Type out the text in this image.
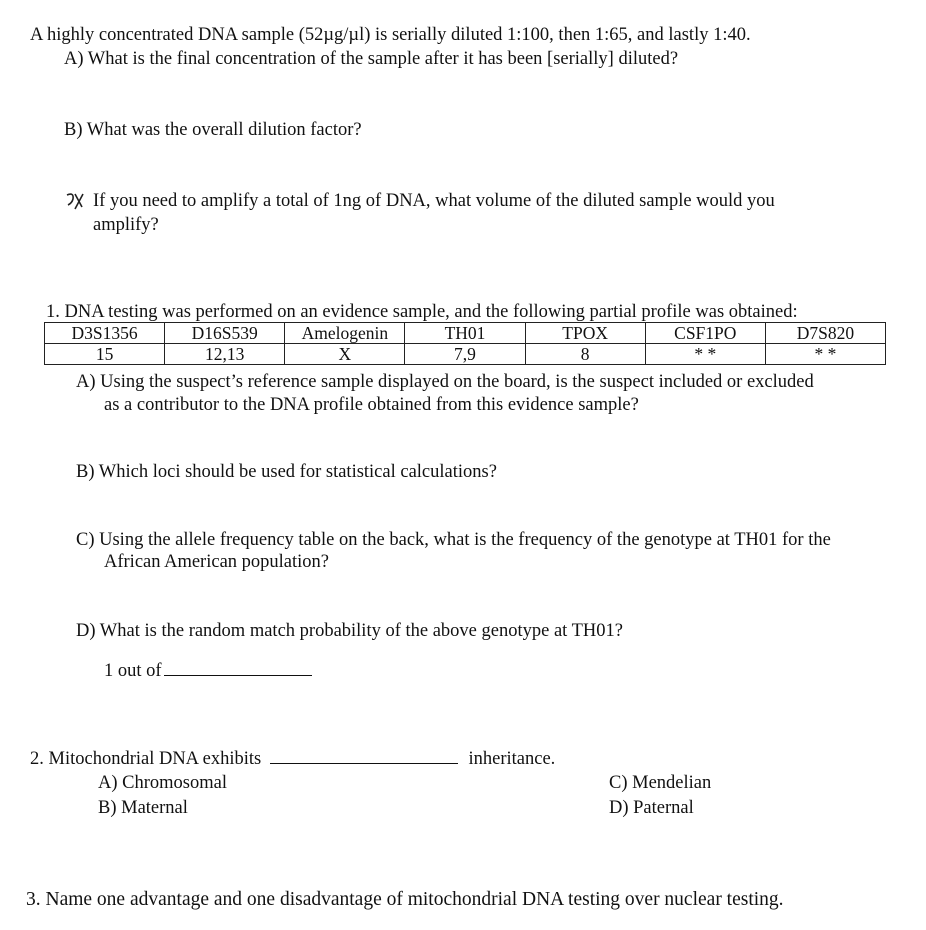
A highly concentrated DNA sample (52µg/µl) is serially diluted 1:100, then 1:65, and lastly 1:40.
A) What is the final concentration of the sample after it has been [serially] diluted?
B) What was the overall dilution factor?
If you need to amplify a total of 1ng of DNA, what volume of the diluted sample would you
amplify?
1. DNA testing was performed on an evidence sample, and the following partial profile was obtained:
D3S1356	D16S539	Amelogenin	TH01	TPOX	CSF1PO	D7S820
15	12,13	X	7,9	8	* *	* *
A) Using the suspect’s reference sample displayed on the board, is the suspect included or excluded
as a contributor to the DNA profile obtained from this evidence sample?
B) Which loci should be used for statistical calculations?
C) Using the allele frequency table on the back, what is the frequency of the genotype at TH01 for the
African American population?
D) What is the random match probability of the above genotype at TH01?
1 out of
2. Mitochondrial DNA exhibits	inheritance.
A) Chromosomal
B) Maternal
C) Mendelian
D) Paternal
3. Name one advantage and one disadvantage of mitochondrial DNA testing over nuclear testing.
